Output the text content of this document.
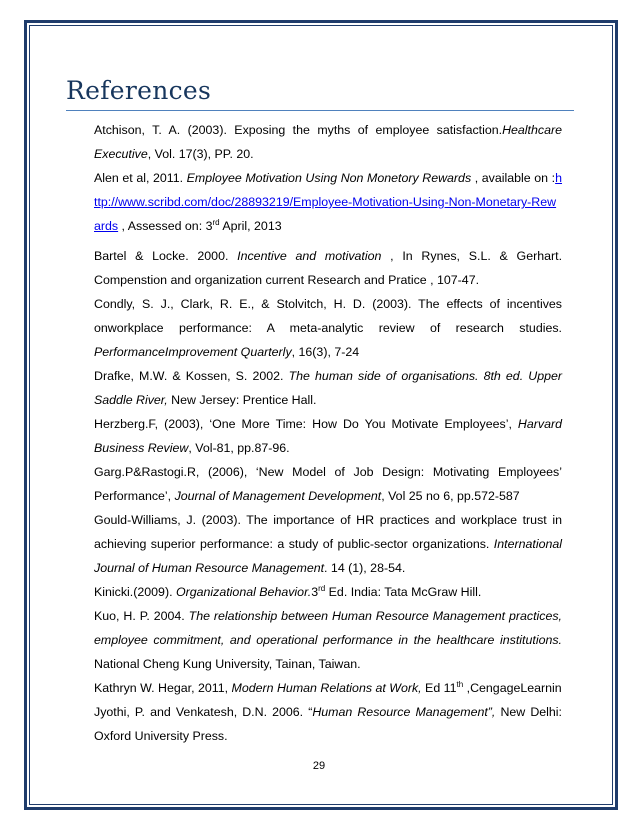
References
Atchison, T. A. (2003). Exposing the myths of employee satisfaction.Healthcare Executive, Vol. 17(3), PP. 20.
Alen et al, 2011. Employee Motivation Using Non Monetory Rewards , available on :http://www.scribd.com/doc/28893219/Employee-Motivation-Using-Non-Monetary-Rewards , Assessed on: 3rd April, 2013
Bartel & Locke. 2000. Incentive and motivation , In Rynes, S.L. & Gerhart. Compenstion and organization current Research and Pratice , 107-47.
Condly, S. J., Clark, R. E., & Stolvitch, H. D. (2003). The effects of incentives onworkplace performance: A meta-analytic review of research studies. PerformanceImprovement Quarterly, 16(3), 7-24
Drafke, M.W. & Kossen, S. 2002. The human side of organisations. 8th ed. Upper Saddle River, New Jersey: Prentice Hall.
Herzberg.F, (2003), ‘One More Time: How Do You Motivate Employees’, Harvard Business Review, Vol-81, pp.87-96.
Garg.P&Rastogi.R, (2006), ‘New Model of Job Design: Motivating Employees’ Performance’, Journal of Management Development, Vol 25 no 6, pp.572-587
Gould-Williams, J. (2003). The importance of HR practices and workplace trust in achieving superior performance: a study of public-sector organizations. International Journal of Human Resource Management. 14 (1), 28-54.
Kinicki.(2009). Organizational Behavior.3rd Ed. India: Tata McGraw Hill.
Kuo, H. P. 2004. The relationship between Human Resource Management practices, employee commitment, and operational performance in the healthcare institutions. National Cheng Kung University, Tainan, Taiwan.
Kathryn W. Hegar, 2011, Modern Human Relations at Work, Ed 11th ,CengageLearnin
Jyothi, P. and Venkatesh, D.N. 2006. “Human Resource Management”, New Delhi: Oxford University Press.
29
